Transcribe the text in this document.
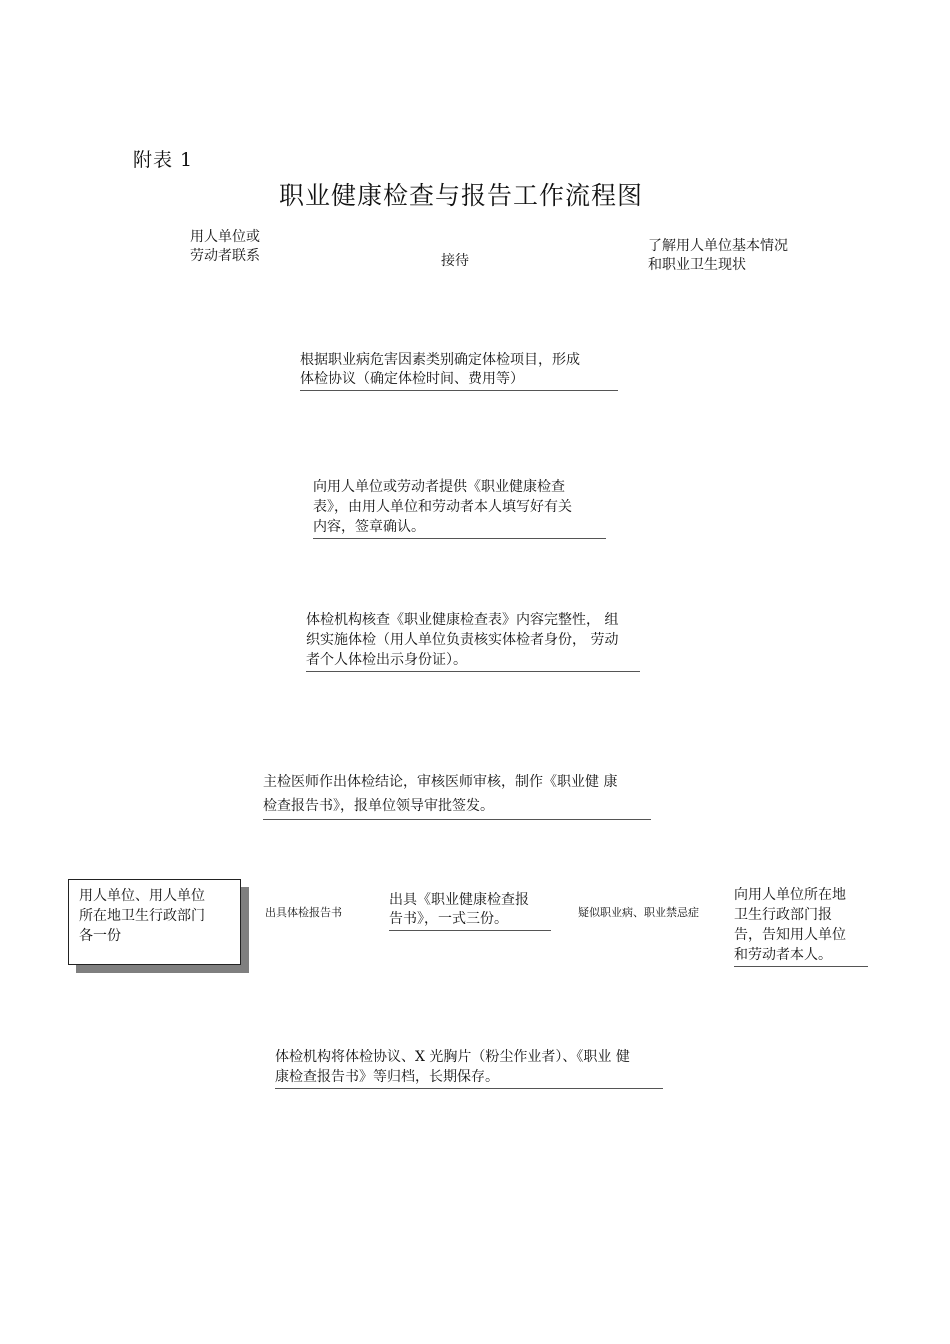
附表 1
职业健康检查与报告工作流程图
用人单位或
劳动者联系	接待
了解用人单位基本情况
和职业卫生现状
根据职业病危害因素类别确定体检项目，形成
体检协议（确定体检时间、费用等）
向用人单位或劳动者提供《职业健康检查
表》，由用人单位和劳动者本人填写好有关
内容，签章确认。
体检机构核查《职业健康检查表》内容完整性， 组
织实施体检（用人单位负责核实体检者身份， 劳动
者个人体检出示身份证）。
主检医师作出体检结论，审核医师审核，制作《职业健 康
检查报告书》，报单位领导审批签发。
用人单位、用人单位
所在地卫生行政部门
各一份
出具体检报告书
出具《职业健康检查报
告书》，一式三份。	疑似职业病、职业禁忌症
向用人单位所在地
卫生行政部门报
告，告知用人单位
和劳动者本人。
体检机构将体检协议、X 光胸片（粉尘作业者）、《职业 健
康检查报告书》等归档，长期保存。
